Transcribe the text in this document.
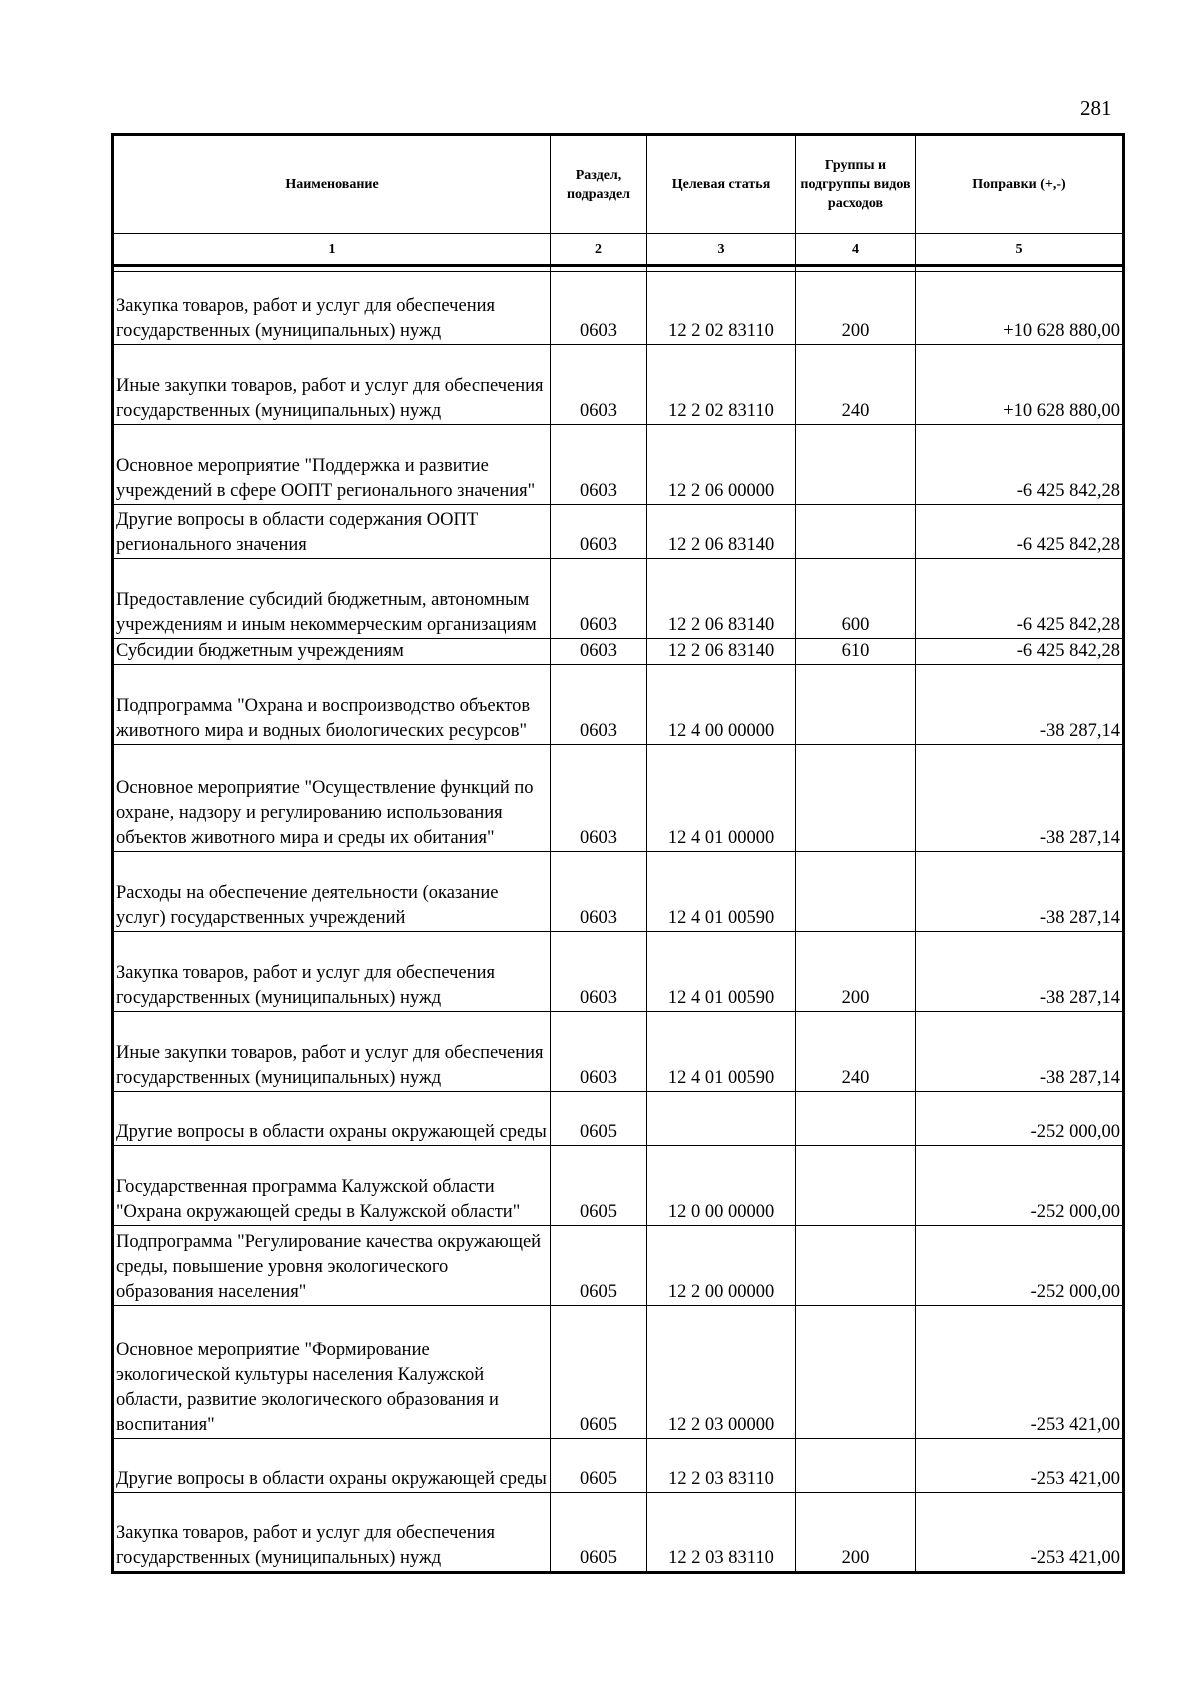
281
Наименование	Раздел, подраздел	Целевая статья	Группы и подгруппы видов расходов	Поправки (+,-)
1	2	3	4	5

Закупка товаров, работ и услуг для обеспечения государственных (муниципальных) нужд	0603	12 2 02 83110	200	+10 628 880,00
Иные закупки товаров, работ и услуг для обеспечения государственных (муниципальных) нужд	0603	12 2 02 83110	240	+10 628 880,00
Основное мероприятие "Поддержка и развитие учреждений в сфере ООПТ регионального значения"	0603	12 2 06 00000		-6 425 842,28
Другие вопросы в области содержания ООПТ регионального значения	0603	12 2 06 83140		-6 425 842,28
Предоставление субсидий бюджетным, автономным учреждениям и иным некоммерческим организациям	0603	12 2 06 83140	600	-6 425 842,28
Субсидии бюджетным учреждениям	0603	12 2 06 83140	610	-6 425 842,28
Подпрограмма "Охрана и воспроизводство объектов животного мира и водных биологических ресурсов"	0603	12 4 00 00000		-38 287,14
Основное мероприятие "Осуществление функций по охране, надзору и регулированию использования объектов животного мира и среды их обитания"	0603	12 4 01 00000		-38 287,14
Расходы на обеспечение деятельности (оказание услуг) государственных учреждений	0603	12 4 01 00590		-38 287,14
Закупка товаров, работ и услуг для обеспечения государственных (муниципальных) нужд	0603	12 4 01 00590	200	-38 287,14
Иные закупки товаров, работ и услуг для обеспечения государственных (муниципальных) нужд	0603	12 4 01 00590	240	-38 287,14
Другие вопросы в области охраны окружающей среды	0605			-252 000,00
Государственная программа Калужской области "Охрана окружающей среды в Калужской области"	0605	12 0 00 00000		-252 000,00
Подпрограмма "Регулирование качества окружающей среды, повышение уровня экологического образования населения"	0605	12 2 00 00000		-252 000,00
Основное мероприятие "Формирование экологической культуры населения Калужской области, развитие экологического образования и воспитания"	0605	12 2 03 00000		-253 421,00
Другие вопросы в области охраны окружающей среды	0605	12 2 03 83110		-253 421,00
Закупка товаров, работ и услуг для обеспечения государственных (муниципальных) нужд	0605	12 2 03 83110	200	-253 421,00
